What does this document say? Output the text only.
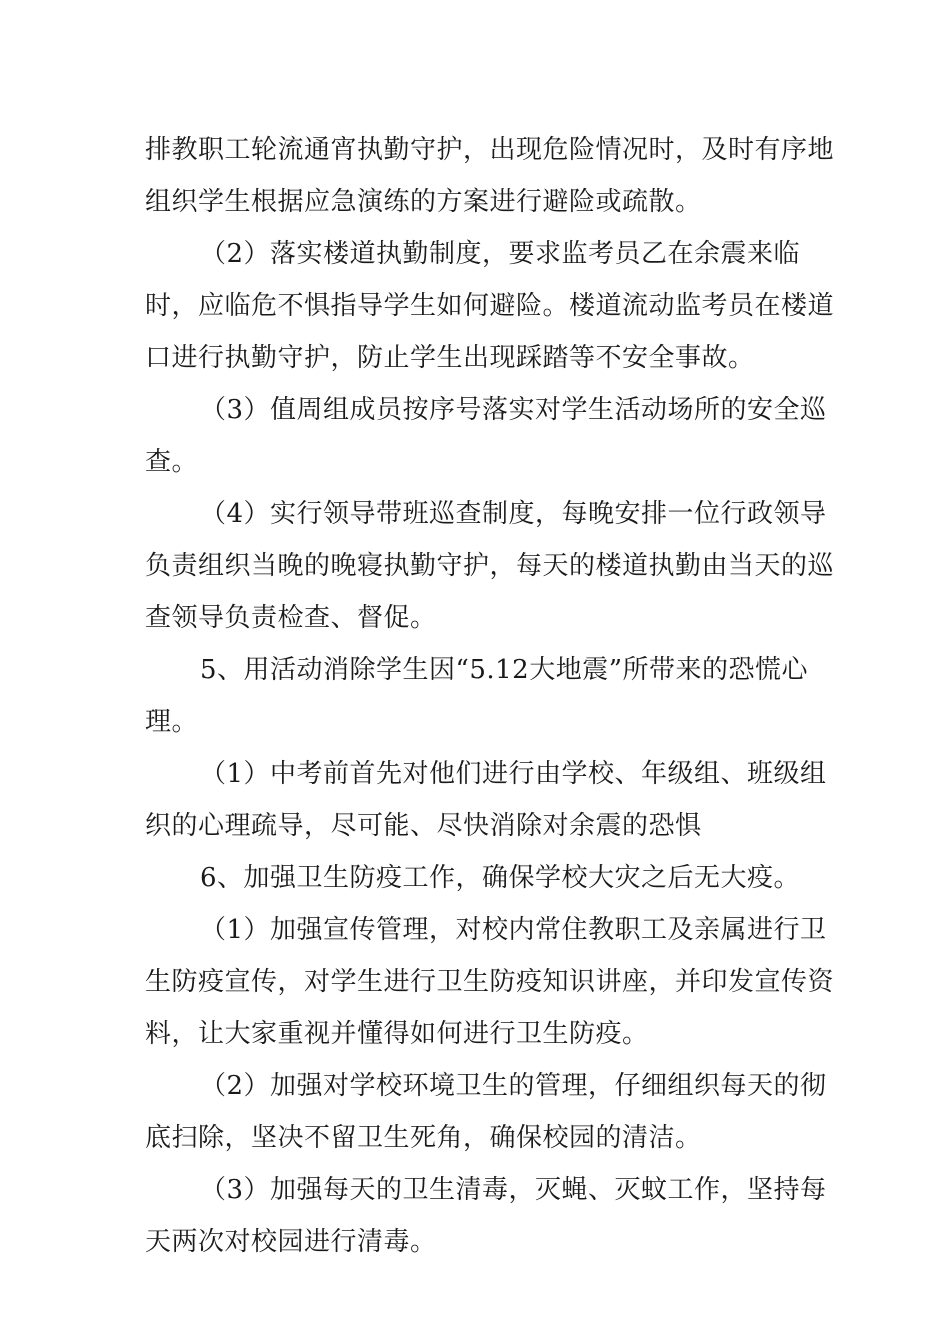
排教职工轮流通宵执勤守护，出现危险情况时，及时有序地组织学生根据应急演练的方案进行避险或疏散。

（2）落实楼道执勤制度，要求监考员乙在余震来临时，应临危不惧指导学生如何避险。楼道流动监考员在楼道口进行执勤守护，防止学生出现踩踏等不安全事故。

（3）值周组成员按序号落实对学生活动场所的安全巡查。

（4）实行领导带班巡查制度，每晚安排一位行政领导负责组织当晚的晚寝执勤守护，每天的楼道执勤由当天的巡查领导负责检查、督促。

5、用活动消除学生因“5.12大地震”所带来的恐慌心理。

（1）中考前首先对他们进行由学校、年级组、班级组织的心理疏导，尽可能、尽快消除对余震的恐惧

6、加强卫生防疫工作，确保学校大灾之后无大疫。

（1）加强宣传管理，对校内常住教职工及亲属进行卫生防疫宣传，对学生进行卫生防疫知识讲座，并印发宣传资料，让大家重视并懂得如何进行卫生防疫。

（2）加强对学校环境卫生的管理，仔细组织每天的彻底扫除，坚决不留卫生死角，确保校园的清洁。

（3）加强每天的卫生清毒，灭蝇、灭蚊工作，坚持每天两次对校园进行清毒。
